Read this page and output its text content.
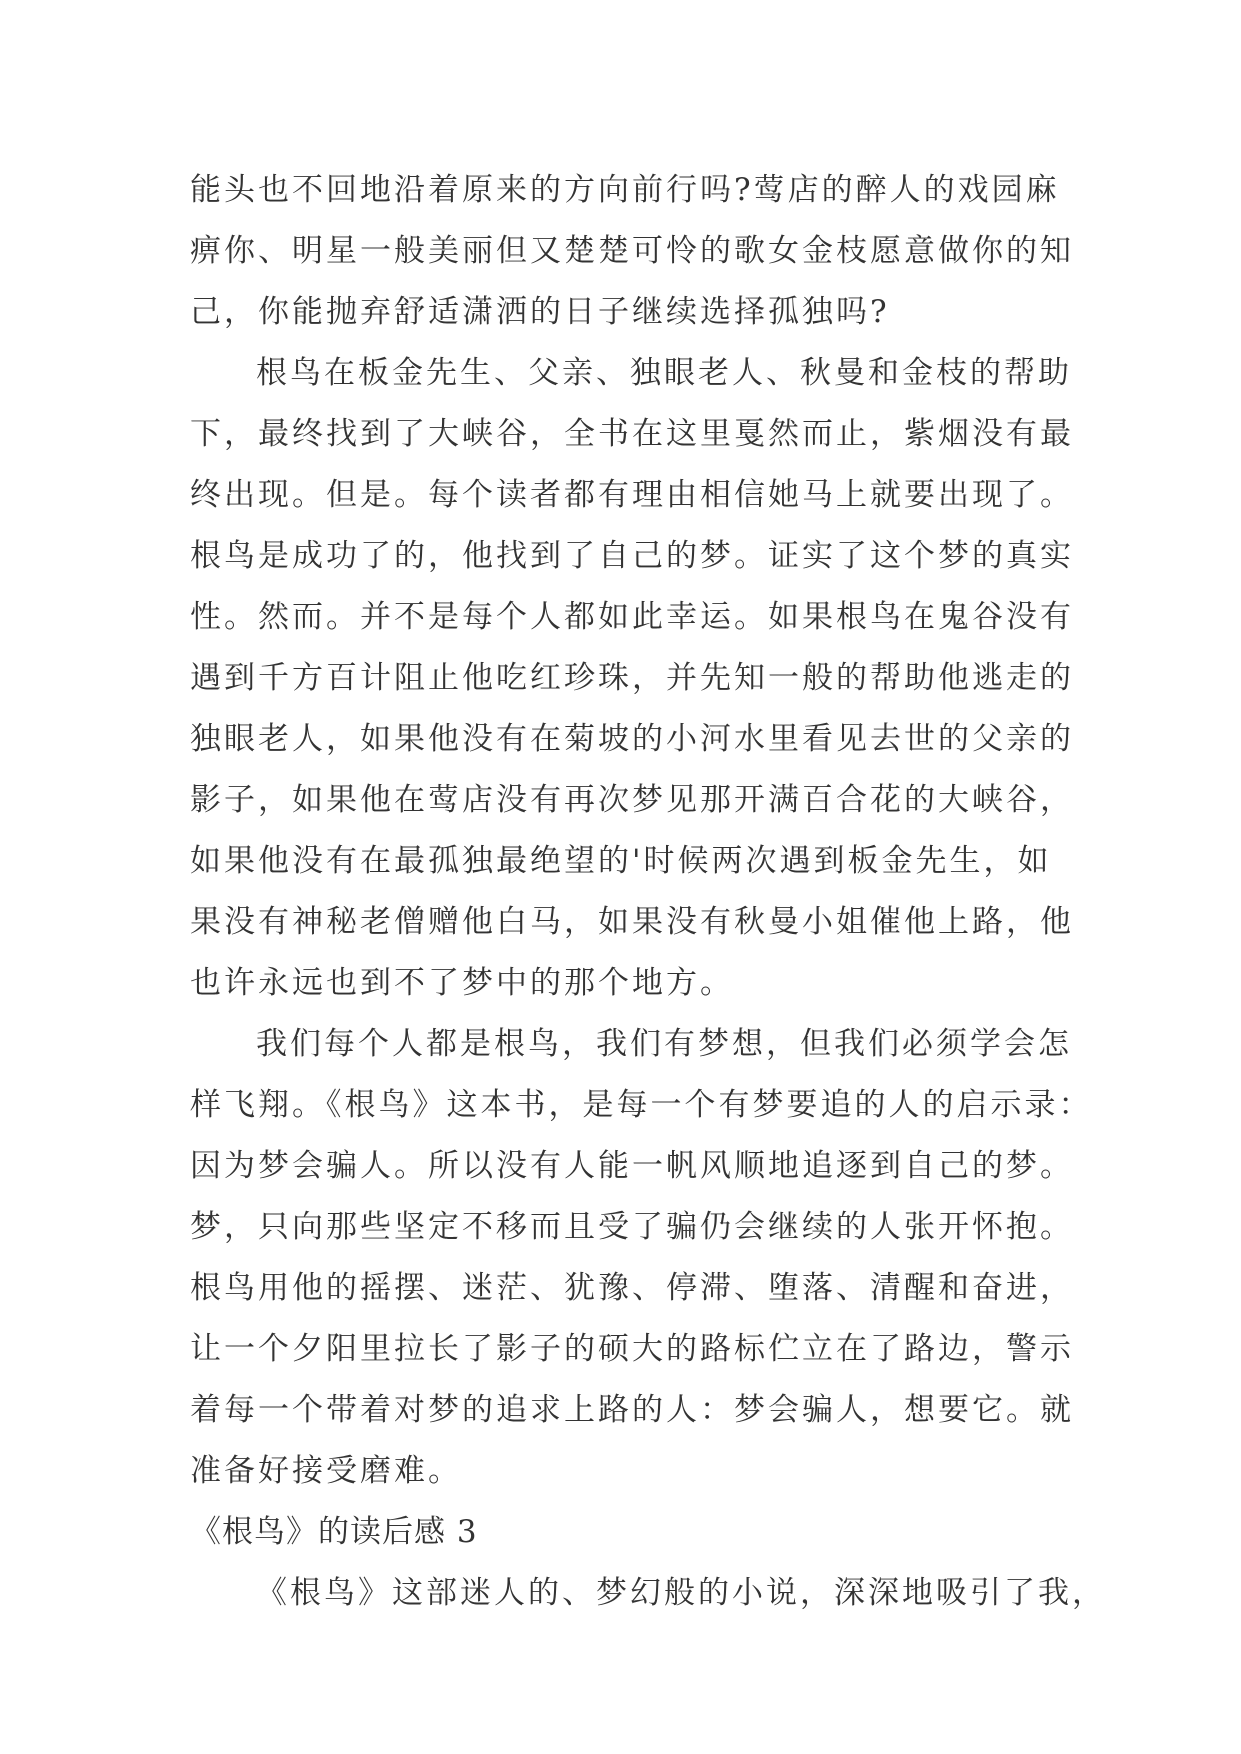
能头也不回地沿着原来的方向前行吗?莺店的醉人的戏园麻
痹你、明星一般美丽但又楚楚可怜的歌女金枝愿意做你的知
己，你能抛弃舒适潇洒的日子继续选择孤独吗?
根鸟在板金先生、父亲、独眼老人、秋曼和金枝的帮助
下，最终找到了大峡谷，全书在这里戛然而止，紫烟没有最
终出现。但是。每个读者都有理由相信她马上就要出现了。
根鸟是成功了的，他找到了自己的梦。证实了这个梦的真实
性。然而。并不是每个人都如此幸运。如果根鸟在鬼谷没有
遇到千方百计阻止他吃红珍珠，并先知一般的帮助他逃走的
独眼老人，如果他没有在菊坡的小河水里看见去世的父亲的
影子，如果他在莺店没有再次梦见那开满百合花的大峡谷，
如果他没有在最孤独最绝望的'时候两次遇到板金先生，如
果没有神秘老僧赠他白马，如果没有秋曼小姐催他上路，他
也许永远也到不了梦中的那个地方。
我们每个人都是根鸟，我们有梦想，但我们必须学会怎
样飞翔。《根鸟》这本书，是每一个有梦要追的人的启示录：
因为梦会骗人。所以没有人能一帆风顺地追逐到自己的梦。
梦，只向那些坚定不移而且受了骗仍会继续的人张开怀抱。
根鸟用他的摇摆、迷茫、犹豫、停滞、堕落、清醒和奋进，
让一个夕阳里拉长了影子的硕大的路标伫立在了路边，警示
着每一个带着对梦的追求上路的人：梦会骗人，想要它。就
准备好接受磨难。
《根鸟》的读后感 3
《根鸟》这部迷人的、梦幻般的小说，深深地吸引了我，
